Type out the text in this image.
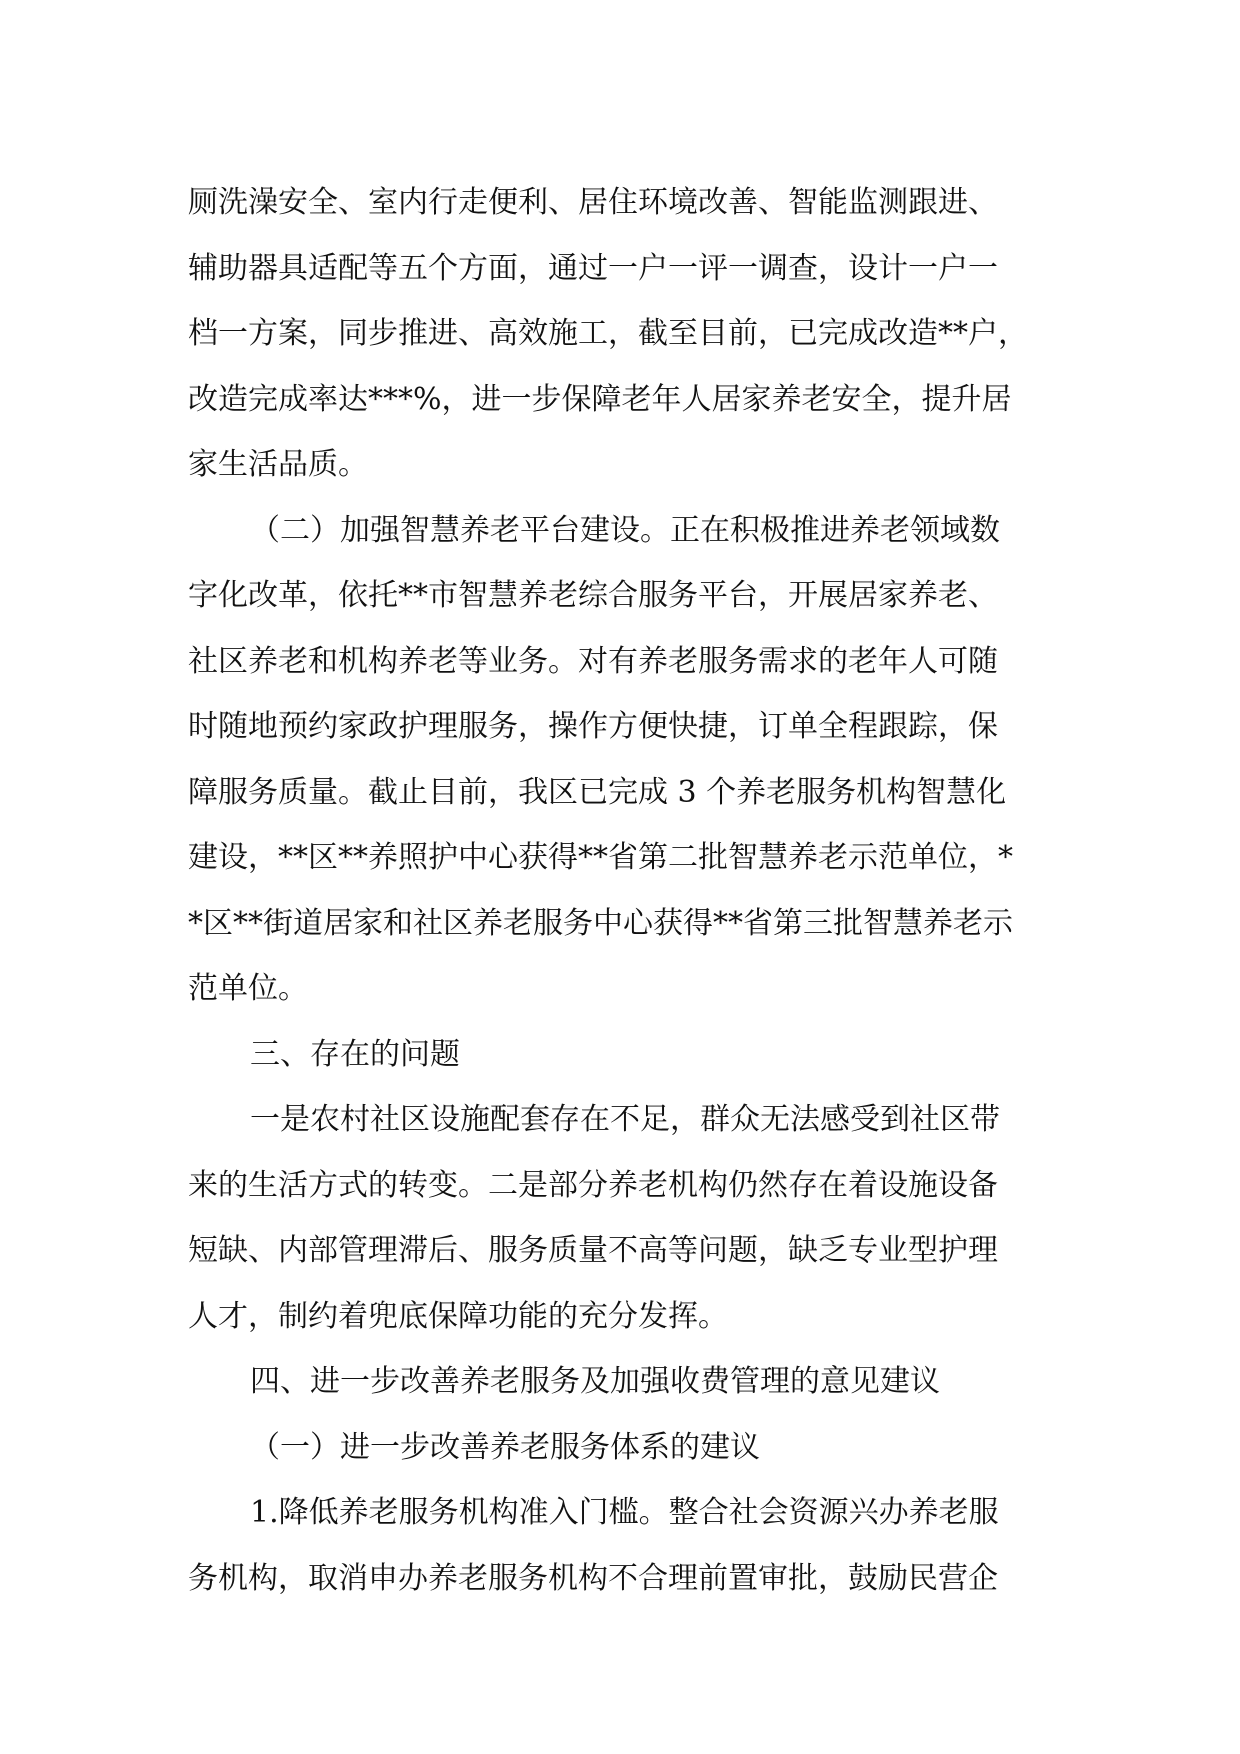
厕洗澡安全、室内行走便利、居住环境改善、智能监测跟进、
辅助器具适配等五个方面，通过一户一评一调查，设计一户一
档一方案，同步推进、高效施工，截至目前，已完成改造**户，
改造完成率达***%，进一步保障老年人居家养老安全，提升居
家生活品质。
（二）加强智慧养老平台建设。正在积极推进养老领域数
字化改革，依托**市智慧养老综合服务平台，开展居家养老、
社区养老和机构养老等业务。对有养老服务需求的老年人可随
时随地预约家政护理服务，操作方便快捷，订单全程跟踪，保
障服务质量。截止目前，我区已完成 3 个养老服务机构智慧化
建设，**区**养照护中心获得**省第二批智慧养老示范单位，*
*区**街道居家和社区养老服务中心获得**省第三批智慧养老示
范单位。
三、存在的问题
一是农村社区设施配套存在不足，群众无法感受到社区带
来的生活方式的转变。二是部分养老机构仍然存在着设施设备
短缺、内部管理滞后、服务质量不高等问题，缺乏专业型护理
人才，制约着兜底保障功能的充分发挥。
四、进一步改善养老服务及加强收费管理的意见建议
（一）进一步改善养老服务体系的建议
1.降低养老服务机构准入门槛。整合社会资源兴办养老服
务机构，取消申办养老服务机构不合理前置审批，鼓励民营企
